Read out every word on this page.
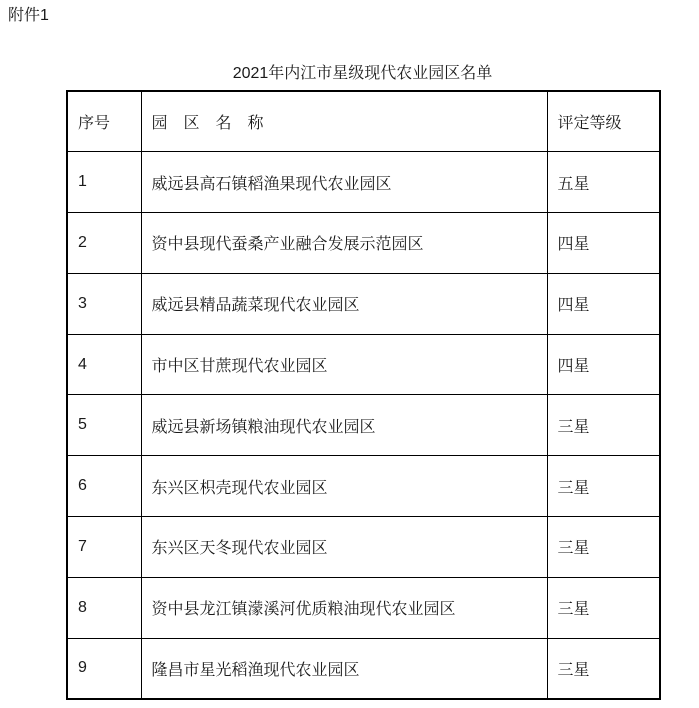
附件1
2021年内江市星级现代农业园区名单
序号	园　区　名　称	评定等级
1	威远县高石镇稻渔果现代农业园区	五星
2	资中县现代蚕桑产业融合发展示范园区	四星
3	威远县精品蔬菜现代农业园区	四星
4	市中区甘蔗现代农业园区	四星
5	威远县新场镇粮油现代农业园区	三星
6	东兴区枳壳现代农业园区	三星
7	东兴区天冬现代农业园区	三星
8	资中县龙江镇濛溪河优质粮油现代农业园区	三星
9	隆昌市星光稻渔现代农业园区	三星
